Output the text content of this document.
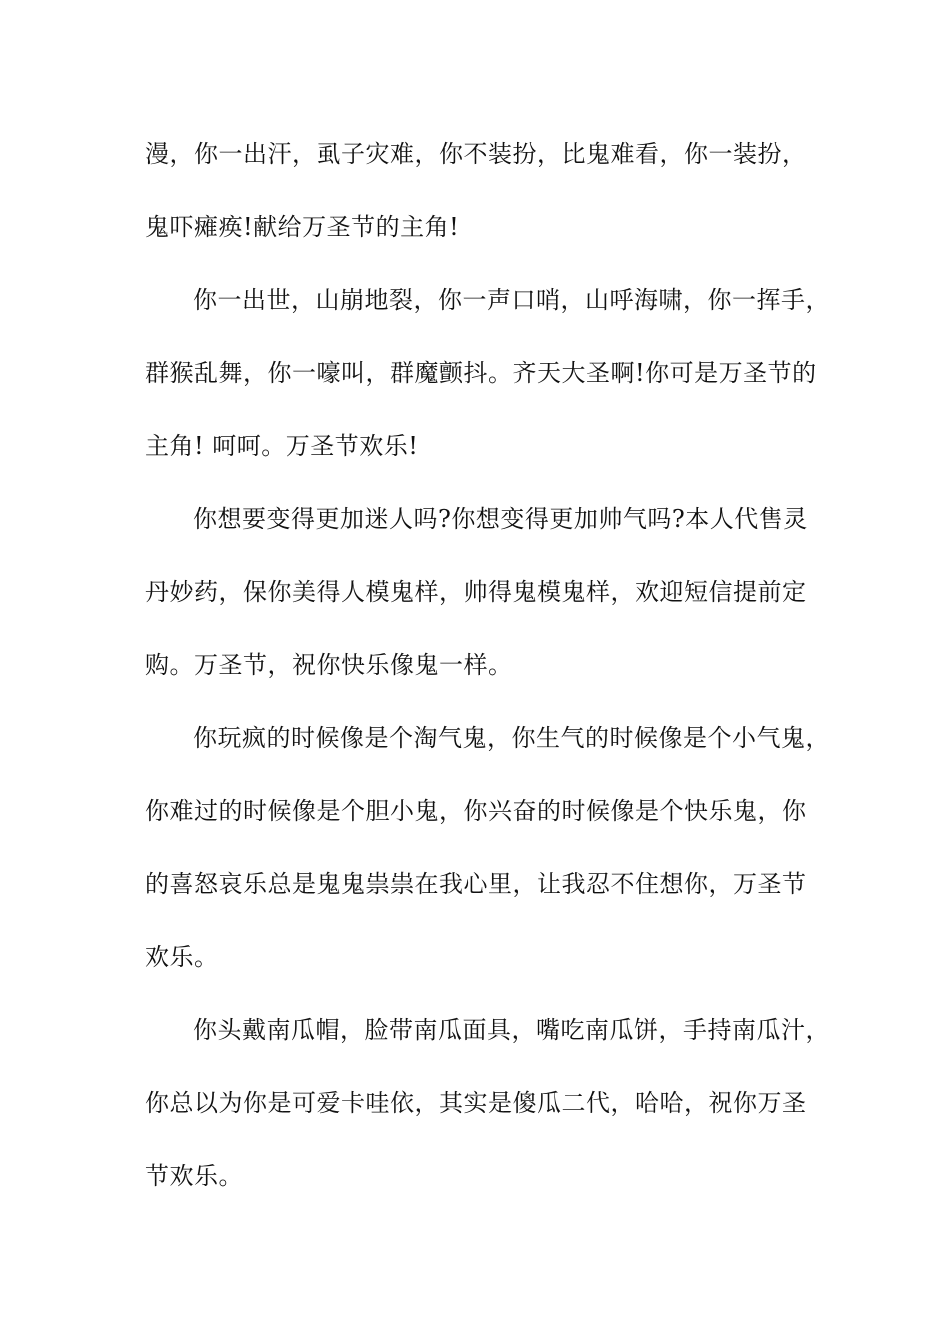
漫，你一出汗，虱子灾难，你不装扮，比鬼难看，你一装扮，
鬼吓瘫痪!献给万圣节的主角!
你一出世，山崩地裂，你一声口哨，山呼海啸，你一挥手，
群猴乱舞，你一嚎叫，群魔颤抖。齐天大圣啊!你可是万圣节的
主角! 呵呵。万圣节欢乐!
你想要变得更加迷人吗?你想变得更加帅气吗?本人代售灵
丹妙药，保你美得人模鬼样，帅得鬼模鬼样，欢迎短信提前定
购。万圣节，祝你快乐像鬼一样。
你玩疯的时候像是个淘气鬼，你生气的时候像是个小气鬼，
你难过的时候像是个胆小鬼，你兴奋的时候像是个快乐鬼，你
的喜怒哀乐总是鬼鬼祟祟在我心里，让我忍不住想你，万圣节
欢乐。
你头戴南瓜帽，脸带南瓜面具，嘴吃南瓜饼，手持南瓜汁，
你总以为你是可爱卡哇依，其实是傻瓜二代，哈哈，祝你万圣
节欢乐。
